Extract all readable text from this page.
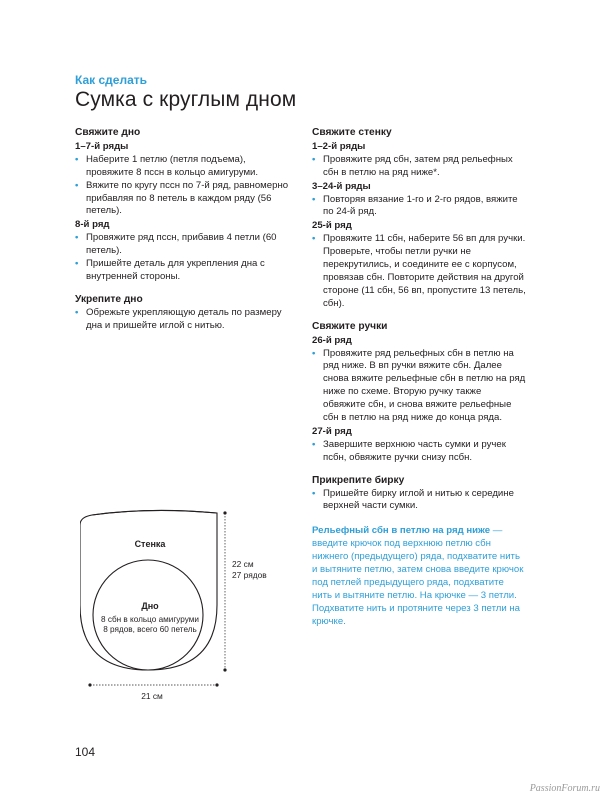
Как сделать
Сумка с круглым дном
Свяжите дно
1–7-й ряды
• Наберите 1 петлю (петля подъема), провяжите 8 пссн в кольцо амигуруми.
• Вяжите по кругу пссн по 7-й ряд, равномерно прибавляя по 8 петель в каждом ряду (56 петель).
8-й ряд
• Провяжите ряд пссн, прибавив 4 петли (60 петель).
• Пришейте деталь для укрепления дна с внутренней стороны.
Укрепите дно
• Обрежьте укрепляющую деталь по размеру дна и пришейте иглой с нитью.
Свяжите стенку
1–2-й ряды
• Провяжите ряд сбн, затем ряд рельефных сбн в петлю на ряд ниже*.
3–24-й ряды
• Повторяя вязание 1-го и 2-го рядов, вяжите по 24-й ряд.
25-й ряд
• Провяжите 11 сбн, наберите 56 вп для ручки. Проверьте, чтобы петли ручки не перекрутились, и соедините ее с корпусом, провязав сбн. Повторите действия на другой стороне (11 сбн, 56 вп, пропустите 13 петель, сбн).
Свяжите ручки
26-й ряд
• Провяжите ряд рельефных сбн в петлю на ряд ниже. В вп ручки вяжите сбн. Далее снова вяжите рельефные сбн в петлю на ряд ниже по схеме. Вторую ручку также обвяжите сбн, и снова вяжите рельефные сбн в петлю на ряд ниже до конца ряда.
27-й ряд
• Завершите верхнюю часть сумки и ручек псбн, обвяжите ручки снизу псбн.
Прикрепите бирку
• Пришейте бирку иглой и нитью к середине верхней части сумки.
Рельефный сбн в петлю на ряд ниже — введите крючок под верхнюю петлю сбн нижнего (предыдущего) ряда, подхватите нить и вытяните петлю, затем снова введите крючок под петлей предыдущего ряда, подхватите нить и вытяните петлю. На крючке — 3 петли. Подхватите нить и протяните через 3 петли на крючке.
Стенка
Дно
8 сбн в кольцо амигуруми
8 рядов, всего 60 петель
22 см
27 рядов
21 см
104
PassionForum.ru
